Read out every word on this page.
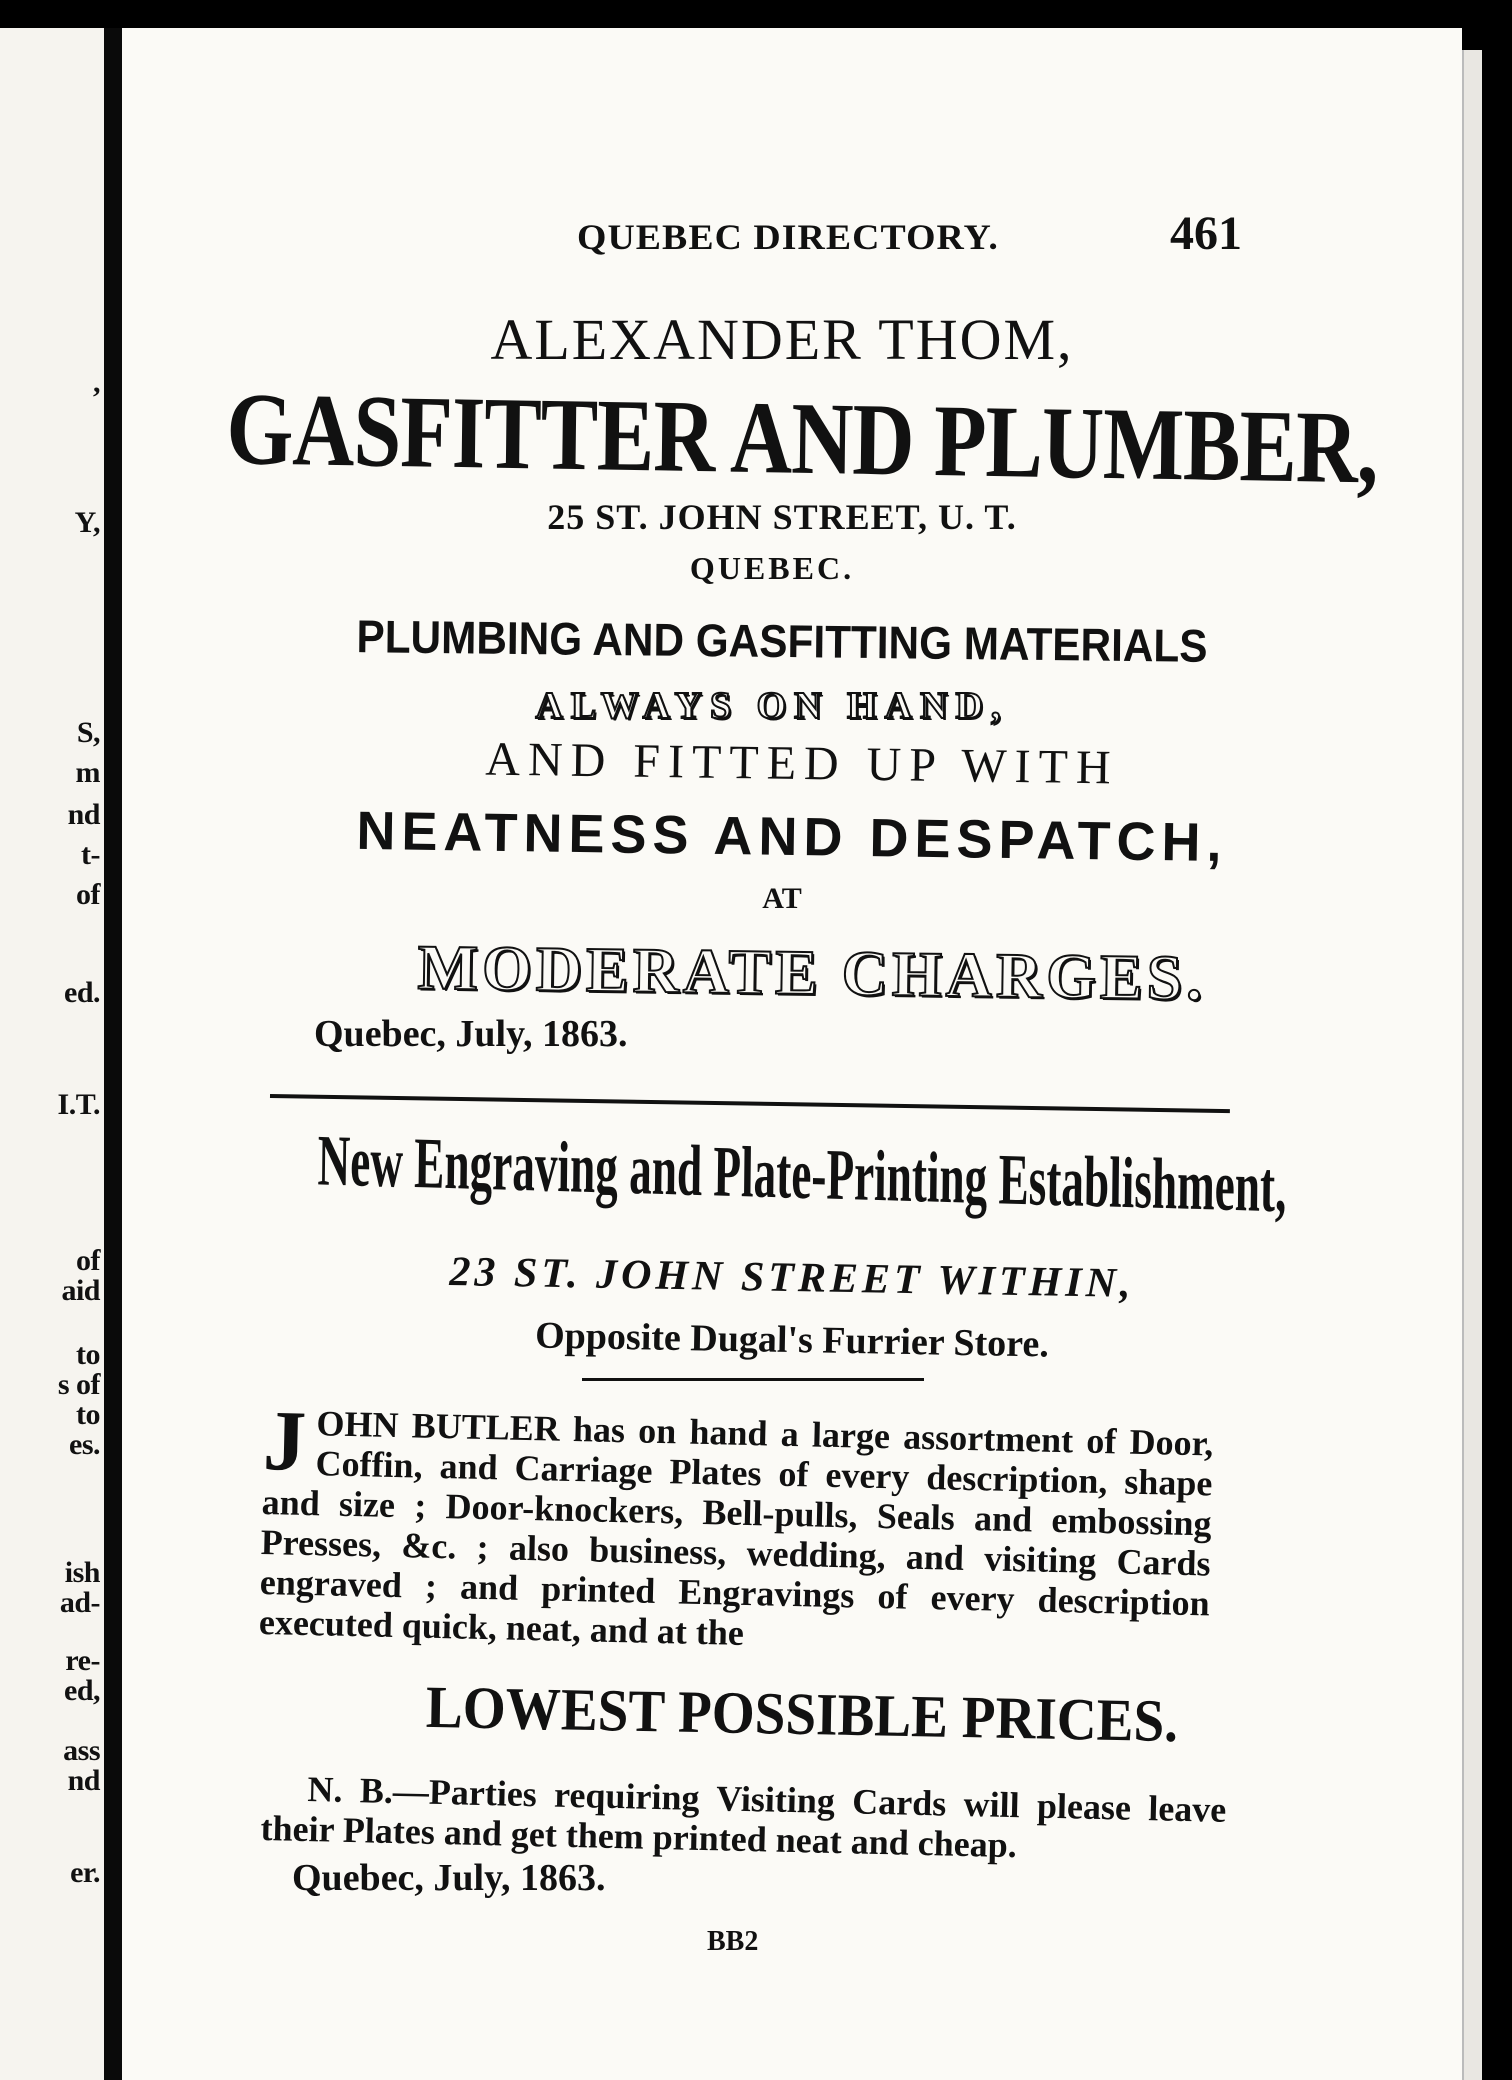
,
Y,
S,
m
nd
t-
of
ed.
I.T.
of
aid
to
s of
to
es.
ish
ad-
re-
ed,
ass
nd
er.
QUEBEC DIRECTORY.	461
ALEXANDER THOM,
GASFITTER AND PLUMBER,
25 ST. JOHN STREET, U. T.
QUEBEC.
PLUMBING AND GASFITTING MATERIALS
ALWAYS ON HAND,
AND FITTED UP WITH
NEATNESS AND DESPATCH,
AT
MODERATE CHARGES.
Quebec, July, 1863.
New Engraving and Plate-Printing Establishment,
23 ST. JOHN STREET WITHIN,
Opposite Dugal's Furrier Store.
JOHN BUTLER has on hand a large assortment of Door, Coffin, and Carriage Plates of every description, shape and size ; Door-knockers, Bell-pulls, Seals and embossing Presses, &c. ; also business, wedding, and visiting Cards engraved ; and printed Engravings of every description executed quick, neat, and at the
LOWEST POSSIBLE PRICES.
N. B.—Parties requiring Visiting Cards will please leave their Plates and get them printed neat and cheap.
Quebec, July, 1863.
BB2
